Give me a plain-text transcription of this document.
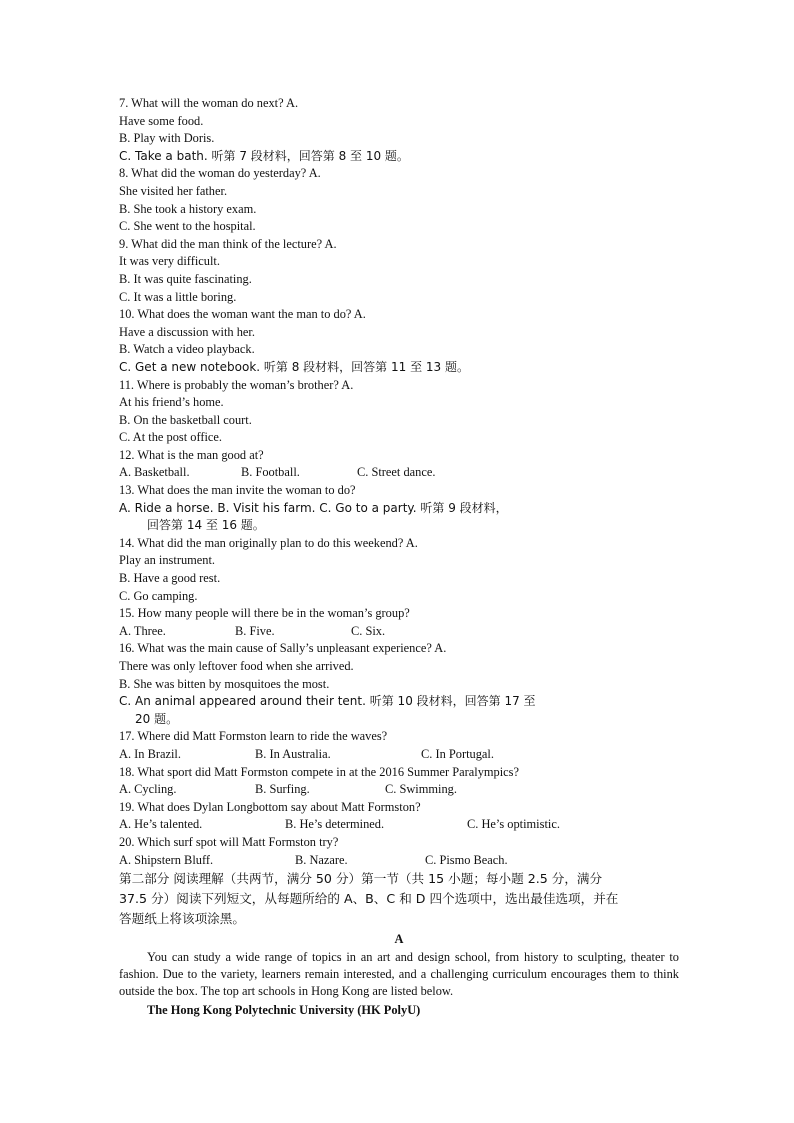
7. What will the woman do next? A.
Have some food.
B. Play with Doris.
C. Take a bath. 听第 7 段材料，回答第 8 至 10 题。
8. What did the woman do yesterday? A.
She visited her father.
B. She took a history exam.
C. She went to the hospital.
9. What did the man think of the lecture? A.
It was very difficult.
B. It was quite fascinating.
C. It was a little boring.
10. What does the woman want the man to do? A.
Have a discussion with her.
B. Watch a video playback.
C. Get a new notebook. 听第 8 段材料，回答第 11 至 13 题。
11. Where is probably the woman’s brother? A.
At his friend’s home.
B. On the basketball court.
C. At the post office.
12. What is the man good at?
A. Basketball.	B. Football.	C. Street dance.
13. What does the man invite the woman to do?
A. Ride a horse. B. Visit his farm. C. Go to a party. 听第 9 段材料，
回答第 14 至 16 题。
14. What did the man originally plan to do this weekend? A.
Play an instrument.
B. Have a good rest.
C. Go camping.
15. How many people will there be in the woman’s group?
A. Three.	B. Five.	C. Six.
16. What was the main cause of Sally’s unpleasant experience? A.
There was only leftover food when she arrived.
B. She was bitten by mosquitoes the most.
C. An animal appeared around their tent. 听第 10 段材料，回答第 17 至
20 题。
17. Where did Matt Formston learn to ride the waves?
A. In Brazil.	B. In Australia.	C. In Portugal.
18. What sport did Matt Formston compete in at the 2016 Summer Paralympics?
A. Cycling.	B. Surfing.	C. Swimming.
19. What does Dylan Longbottom say about Matt Formston?
A. He’s talented.	B. He’s determined.	C. He’s optimistic.
20. Which surf spot will Matt Formston try?
A. Shipstern Bluff.	B. Nazare.	C. Pismo Beach.
第二部分 阅读理解（共两节，满分 50 分）第一节（共 15 小题；每小题 2.5 分，满分
37.5 分）阅读下列短文，从每题所给的 A、B、C 和 D 四个选项中，选出最佳选项，并在
答题纸上将该项涂黑。
A
You can study a wide range of topics in an art and design school, from history to sculpting, theater to fashion. Due to the variety, learners remain interested, and a challenging curriculum encourages them to think outside the box. The top art schools in Hong Kong are listed below.
The Hong Kong Polytechnic University (HK PolyU)
